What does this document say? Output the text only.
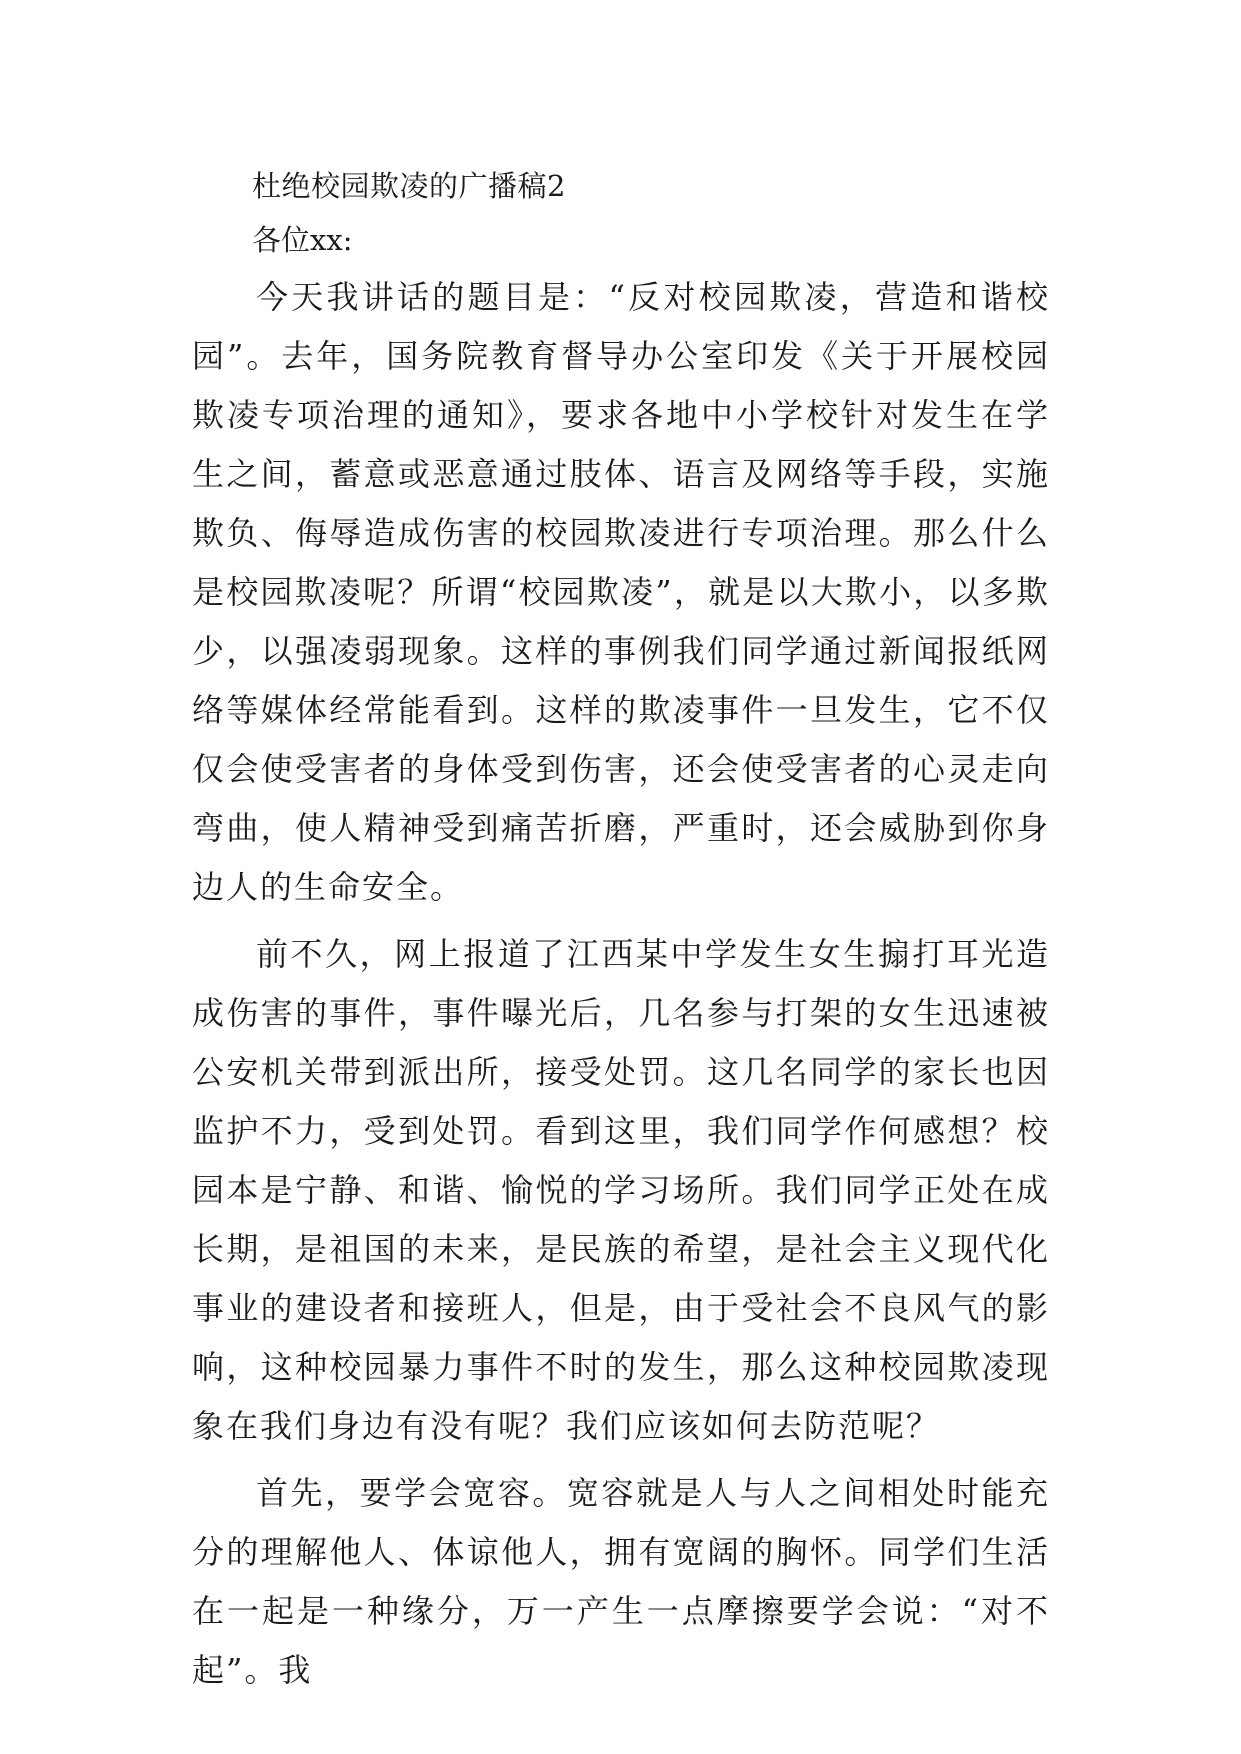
杜绝校园欺凌的广播稿2

各位xx:

今天我讲话的题目是：“反对校园欺凌，营造和谐校园”。去年，国务院教育督导办公室印发《关于开展校园欺凌专项治理的通知》，要求各地中小学校针对发生在学生之间，蓄意或恶意通过肢体、语言及网络等手段，实施欺负、侮辱造成伤害的校园欺凌进行专项治理。那么什么是校园欺凌呢？所谓“校园欺凌”，就是以大欺小，以多欺少，以强凌弱现象。这样的事例我们同学通过新闻报纸网络等媒体经常能看到。这样的欺凌事件一旦发生，它不仅仅会使受害者的身体受到伤害，还会使受害者的心灵走向弯曲，使人精神受到痛苦折磨，严重时，还会威胁到你身边人的生命安全。

前不久，网上报道了江西某中学发生女生搧打耳光造成伤害的事件，事件曝光后，几名参与打架的女生迅速被公安机关带到派出所，接受处罚。这几名同学的家长也因监护不力，受到处罚。看到这里，我们同学作何感想？校园本是宁静、和谐、愉悦的学习场所。我们同学正处在成长期，是祖国的未来，是民族的希望，是社会主义现代化事业的建设者和接班人，但是，由于受社会不良风气的影响，这种校园暴力事件不时的发生，那么这种校园欺凌现象在我们身边有没有呢？我们应该如何去防范呢？

首先，要学会宽容。宽容就是人与人之间相处时能充分的理解他人、体谅他人，拥有宽阔的胸怀。同学们生活在一起是一种缘分，万一产生一点摩擦要学会说：“对不起”。我
